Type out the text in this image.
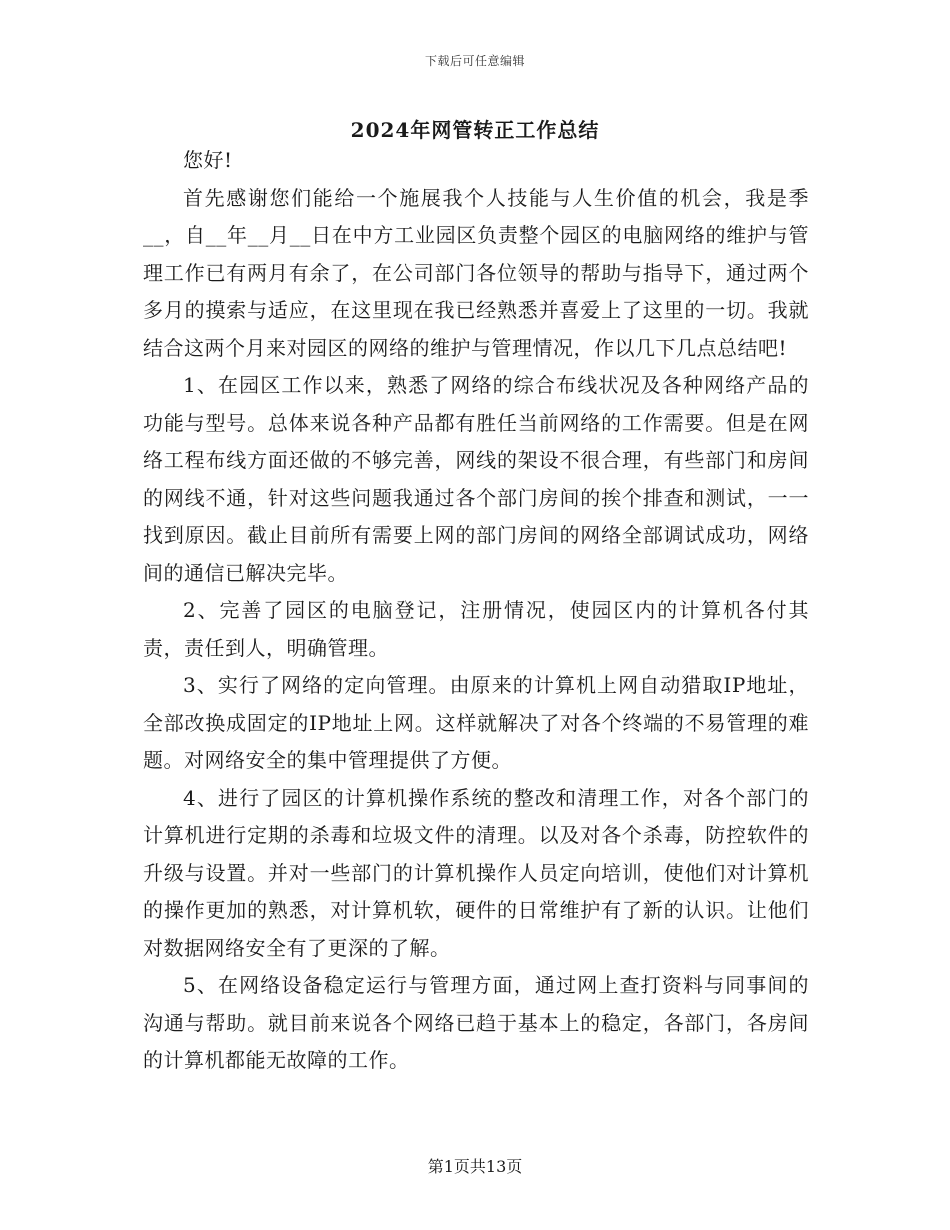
下载后可任意编辑
2024年网管转正工作总结

您好!

首先感谢您们能给一个施展我个人技能与人生价值的机会，我是季__，自__年__月__日在中方工业园区负责整个园区的电脑网络的维护与管理工作已有两月有余了，在公司部门各位领导的帮助与指导下，通过两个多月的摸索与适应，在这里现在我已经熟悉并喜爱上了这里的一切。我就结合这两个月来对园区的网络的维护与管理情况，作以几下几点总结吧!

1、在园区工作以来，熟悉了网络的综合布线状况及各种网络产品的功能与型号。总体来说各种产品都有胜任当前网络的工作需要。但是在网络工程布线方面还做的不够完善，网线的架设不很合理，有些部门和房间的网线不通，针对这些问题我通过各个部门房间的挨个排查和测试，一一找到原因。截止目前所有需要上网的部门房间的网络全部调试成功，网络间的通信已解决完毕。

2、完善了园区的电脑登记，注册情况，使园区内的计算机各付其责，责任到人，明确管理。

3、实行了网络的定向管理。由原来的计算机上网自动猎取IP地址，全部改换成固定的IP地址上网。这样就解决了对各个终端的不易管理的难题。对网络安全的集中管理提供了方便。

4、进行了园区的计算机操作系统的整改和清理工作，对各个部门的计算机进行定期的杀毒和垃圾文件的清理。以及对各个杀毒，防控软件的升级与设置。并对一些部门的计算机操作人员定向培训，使他们对计算机的操作更加的熟悉，对计算机软，硬件的日常维护有了新的认识。让他们对数据网络安全有了更深的了解。

5、在网络设备稳定运行与管理方面，通过网上查打资料与同事间的沟通与帮助。就目前来说各个网络已趋于基本上的稳定，各部门，各房间的计算机都能无故障的工作。

第1页共13页
